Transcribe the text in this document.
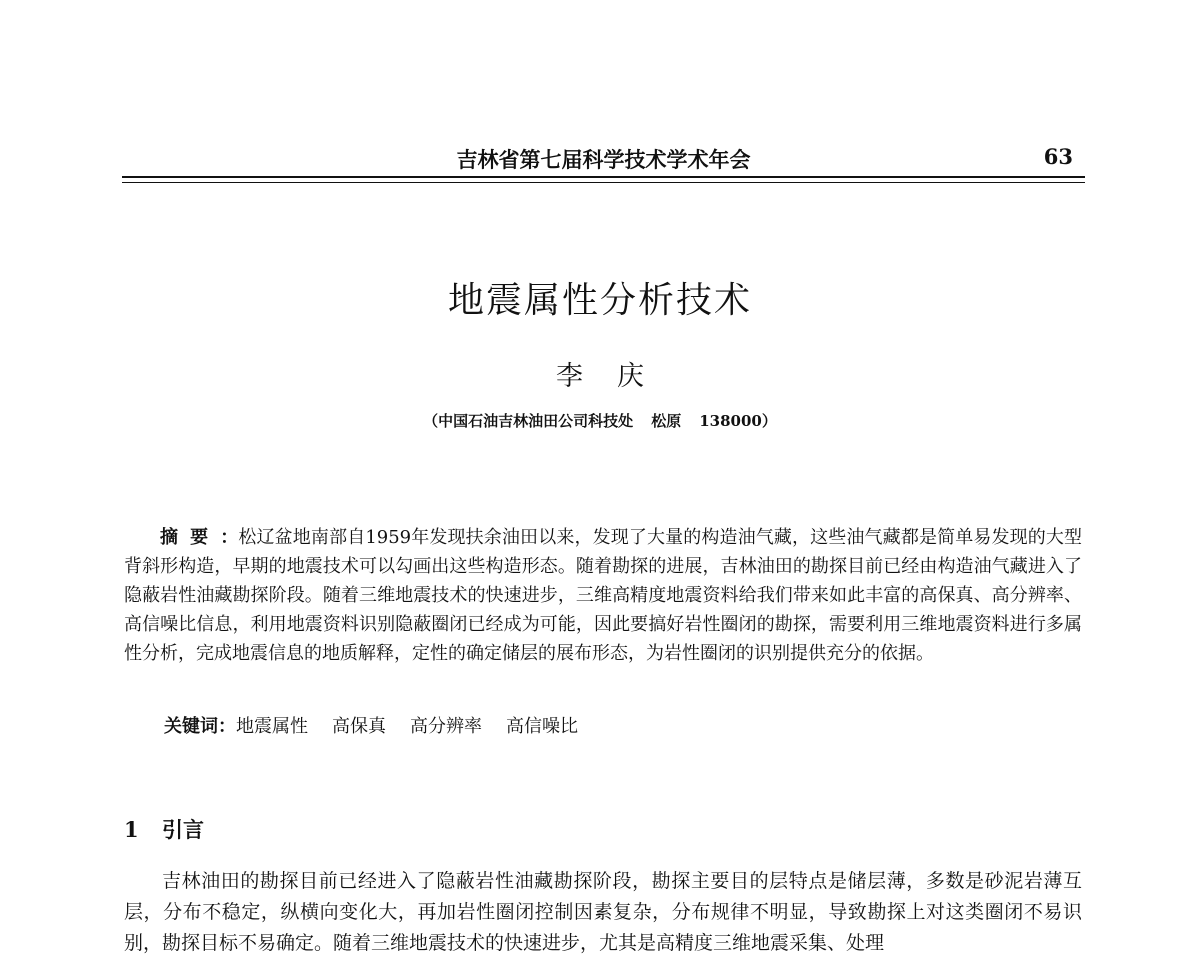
吉林省第七届科学技术学术年会	63
地震属性分析技术
李 庆
（中国石油吉林油田公司科技处 松原 138000）

摘要：松辽盆地南部自1959年发现扶余油田以来，发现了大量的构造油气藏，这些油气藏都是简单易发现的大型背斜形构造，早期的地震技术可以勾画出这些构造形态。随着勘探的进展，吉林油田的勘探目前已经由构造油气藏进入了隐蔽岩性油藏勘探阶段。随着三维地震技术的快速进步，三维高精度地震资料给我们带来如此丰富的高保真、高分辨率、高信噪比信息，利用地震资料识别隐蔽圈闭已经成为可能，因此要搞好岩性圈闭的勘探，需要利用三维地震资料进行多属性分析，完成地震信息的地质解释，定性的确定储层的展布形态，为岩性圈闭的识别提供充分的依据。

关键词：地震属性 高保真 高分辨率 高信噪比
1 引言

吉林油田的勘探目前已经进入了隐蔽岩性油藏勘探阶段，勘探主要目的层特点是储层薄，多数是砂泥岩薄互层，分布不稳定，纵横向变化大，再加岩性圈闭控制因素复杂，分布规律不明显，导致勘探上对这类圈闭不易识别，勘探目标不易确定。随着三维地震技术的快速进步，尤其是高精度三维地震采集、处理
